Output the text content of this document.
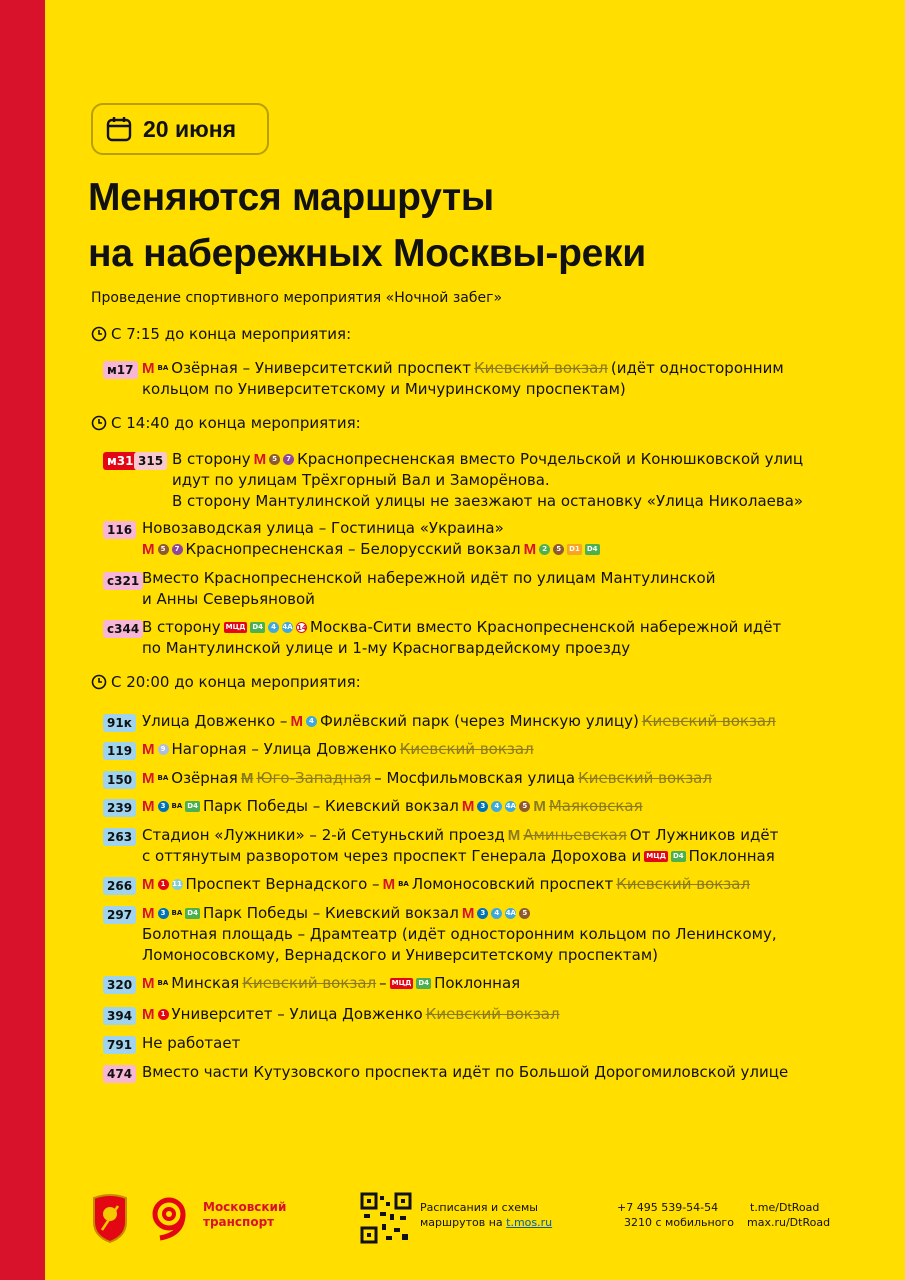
20 июня
Меняются маршруты
на набережных Москвы-реки
Проведение спортивного мероприятия «Ночной забег»
С 7:15 до конца мероприятия:
м17 М ВА Озёрная – Университетский проспект Киевский вокзал (идёт односторонним
кольцом по Университетскому и Мичуринскому проспектам)
С 14:40 до конца мероприятия:
м31 315 В сторону М 5	7 Краснопресненская вместо Рочдельской и Конюшковской улиц
идут по улицам Трёхгорный Вал и Заморёнова.
В сторону Мантулинской улицы не заезжают на остановку «Улица Николаева»
116 Новозаводская улица – Гостиница «Украина»
М 5	7 Краснопресненская – Белорусский вокзал М 2	5	D1 D4
с321 Вместо Краснопресненской набережной идёт по улицам Мантулинской
и Анны Северьяновой
с344 В сторону МЦД D4	4 4A 14 Москва-Сити вместо Краснопресненской набережной идёт
по Мантулинской улице и 1-му Красногвардейскому проезду
С 20:00 до конца мероприятия:
91к Улица Довженко – М 4 Филёвский парк (через Минскую улицу) Киевский вокзал
119 М 9 Нагорная – Улица Довженко Киевский вокзал
150 М ВА Озёрная М Юго-Западная – Мосфильмовская улица Киевский вокзал
239 М 3 ВА D4 Парк Победы – Киевский вокзал М 3	4 4A 5 М Маяковская
263 Стадион «Лужники» – 2-й Сетуньский проезд М Аминьевская От Лужников идёт
с оттянутым разворотом через проспект Генерала Дорохова и МЦД D4 Поклонная
266 М 1 11 Проспект Вернадского – М ВА Ломоносовский проспект Киевский вокзал
297 М 3 ВА D4 Парк Победы – Киевский вокзал М 3	4 4A 5
Болотная площадь – Драмтеатр (идёт односторонним кольцом по Ленинскому,
Ломоносовскому, Вернадского и Университетскому проспектам)
320 М ВА Минская Киевский вокзал – МЦД D4 Поклонная
394 М 1 Университет – Улица Довженко Киевский вокзал
791 Не работает
474 Вместо части Кутузовского проспекта идёт по Большой Дорогомиловской улице
Московский
транспорт
Расписания и схемы
маршрутов на t.mos.ru
+7 495 539-54-54
3210 с мобильного
t.me/DtRoad
max.ru/DtRoad
